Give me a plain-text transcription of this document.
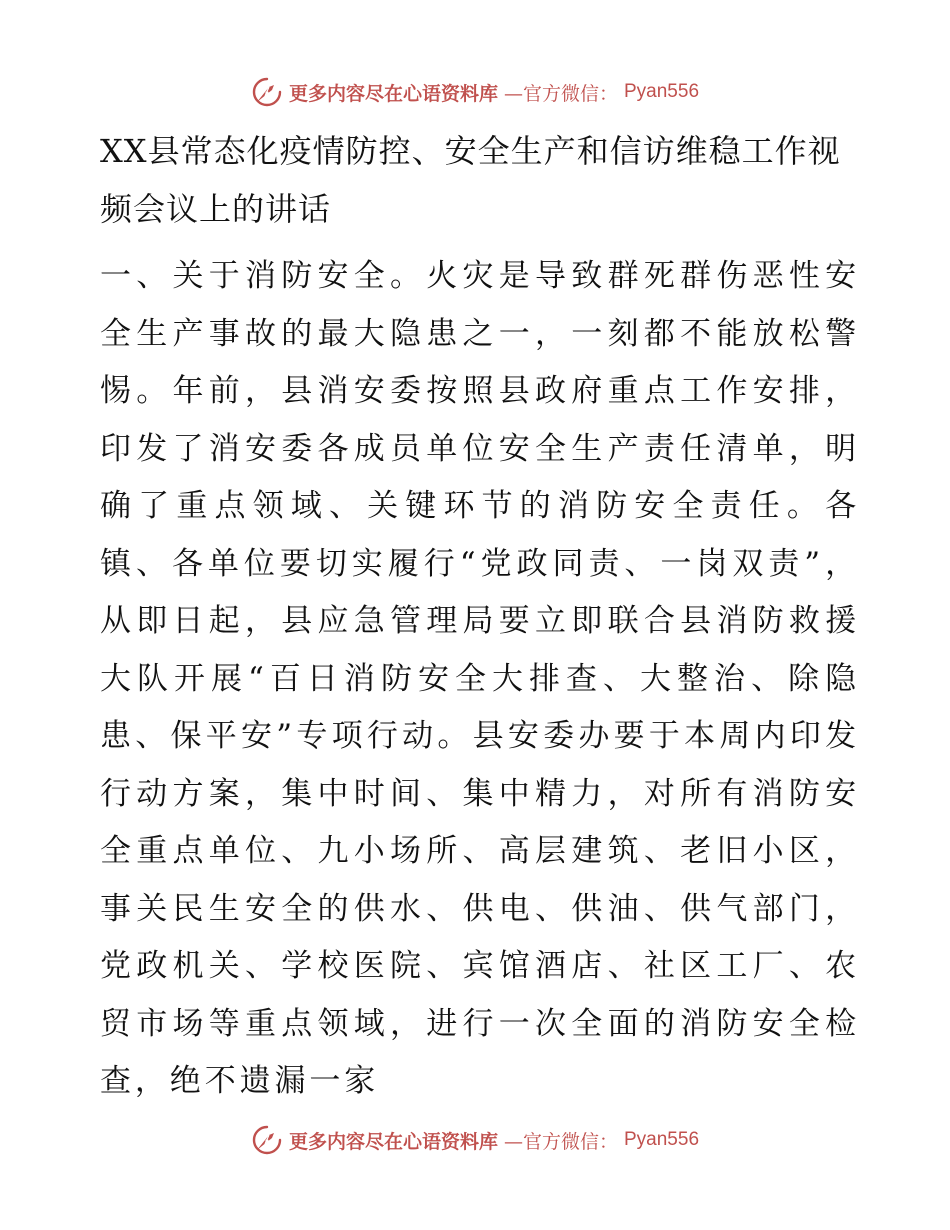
更多内容尽在心语资料库 —官方微信： Pyan556
XX县常态化疫情防控、安全生产和信访维稳工作视频会议上的讲话

一、关于消防安全。火灾是导致群死群伤恶性安全生产事故的最大隐患之一，一刻都不能放松警惕。年前，县消安委按照县政府重点工作安排，印发了消安委各成员单位安全生产责任清单，明确了重点领域、关键环节的消防安全责任。各镇、各单位要切实履行“党政同责、一岗双责”，从即日起，县应急管理局要立即联合县消防救援大队开展“百日消防安全大排查、大整治、除隐患、保平安”专项行动。县安委办要于本周内印发行动方案，集中时间、集中精力，对所有消防安全重点单位、九小场所、高层建筑、老旧小区，事关民生安全的供水、供电、供油、供气部门，党政机关、学校医院、宾馆酒店、社区工厂、农贸市场等重点领域，进行一次全面的消防安全检查，绝不遗漏一家

更多内容尽在心语资料库 —官方微信： Pyan556
